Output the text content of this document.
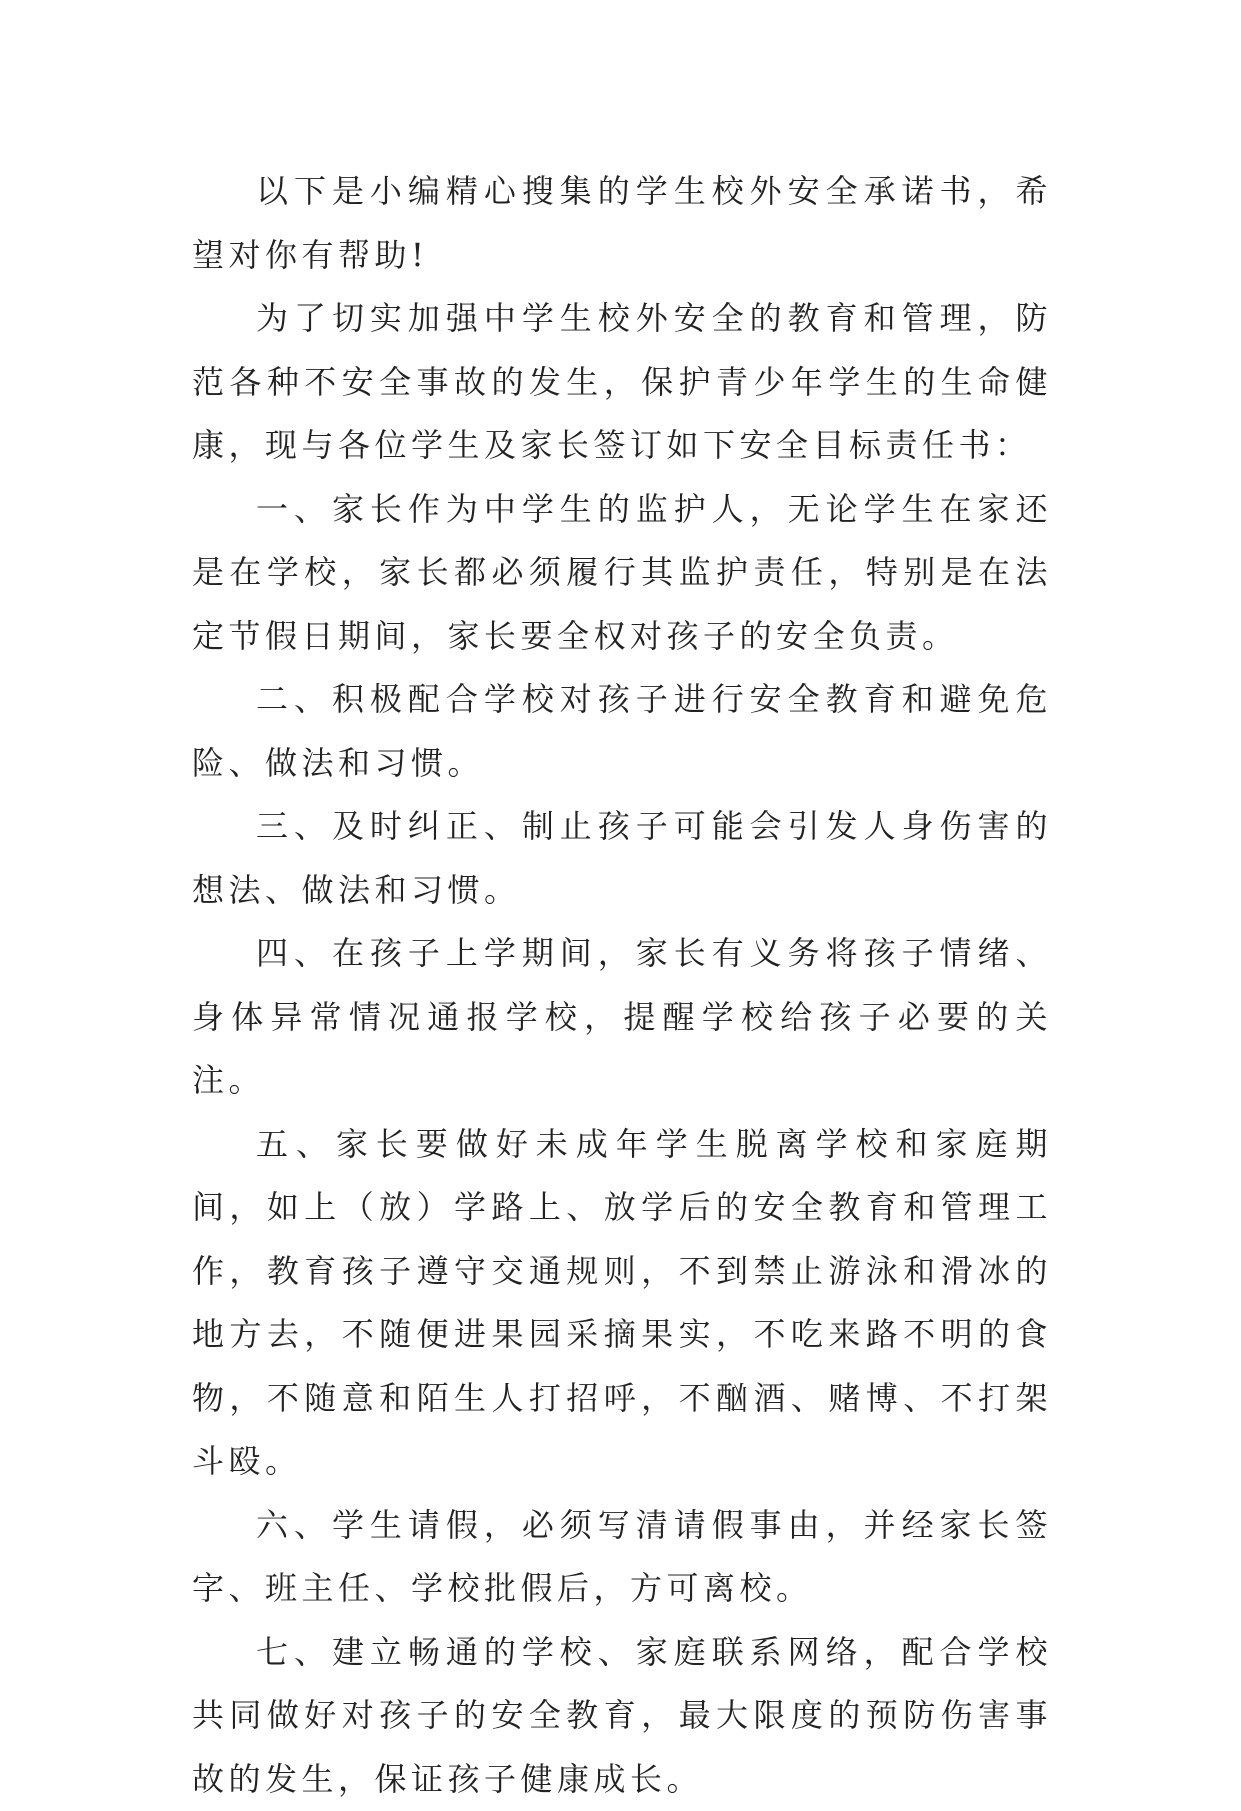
以下是小编精心搜集的学生校外安全承诺书，希望对你有帮助!

为了切实加强中学生校外安全的教育和管理，防范各种不安全事故的发生，保护青少年学生的生命健康，现与各位学生及家长签订如下安全目标责任书：

一、家长作为中学生的监护人，无论学生在家还是在学校，家长都必须履行其监护责任，特别是在法定节假日期间，家长要全权对孩子的安全负责。

二、积极配合学校对孩子进行安全教育和避免危险、做法和习惯。

三、及时纠正、制止孩子可能会引发人身伤害的想法、做法和习惯。

四、在孩子上学期间，家长有义务将孩子情绪、身体异常情况通报学校，提醒学校给孩子必要的关注。

五、家长要做好未成年学生脱离学校和家庭期间，如上（放）学路上、放学后的安全教育和管理工作，教育孩子遵守交通规则，不到禁止游泳和滑冰的地方去，不随便进果园采摘果实，不吃来路不明的食物，不随意和陌生人打招呼，不酗酒、赌博、不打架斗殴。

六、学生请假，必须写清请假事由，并经家长签字、班主任、学校批假后，方可离校。

七、建立畅通的学校、家庭联系网络，配合学校共同做好对孩子的安全教育，最大限度的预防伤害事故的发生，保证孩子健康成长。
